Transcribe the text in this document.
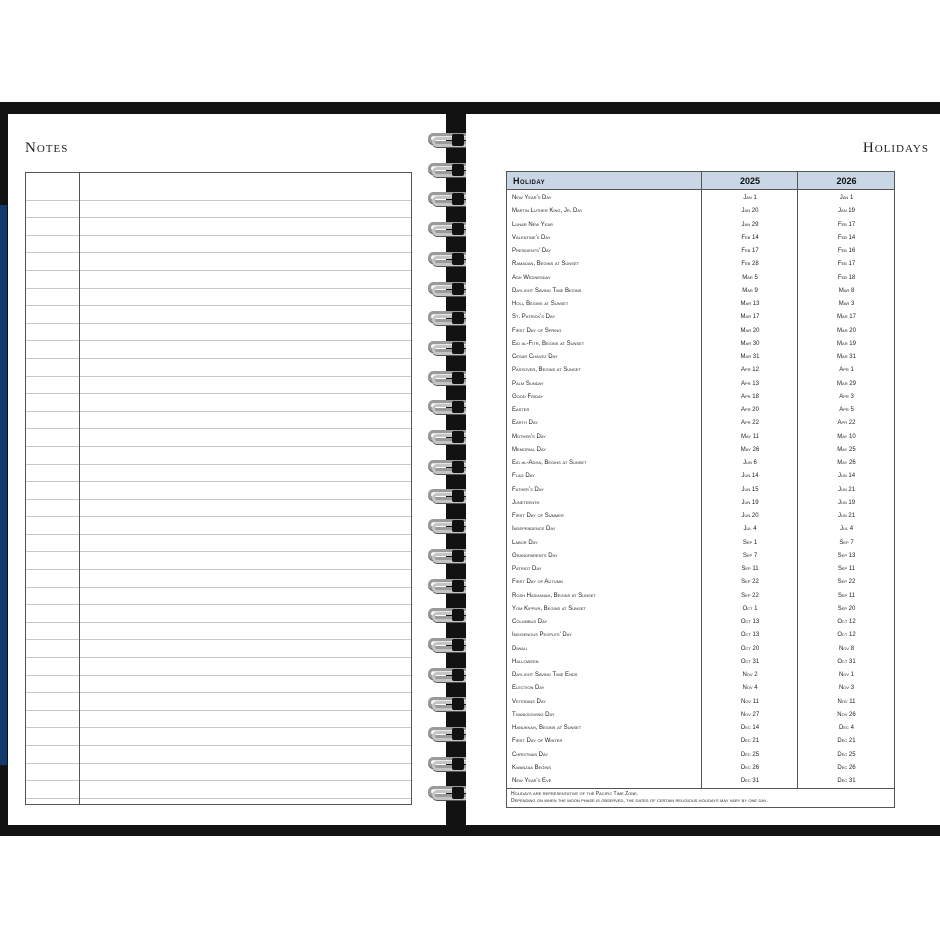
Notes	Holidays
Holiday	2025	2026
New Year's Day	Jan 1	Jan 1
Martin Luther King, Jr. Day	Jan 20	Jan 19
Lunar New Year	Jan 29	Feb 17
Valentine's Day	Feb 14	Feb 14
Presidents' Day	Feb 17	Feb 16
Ramadan, Begins at Sunset	Feb 28	Feb 17
Ash Wednesday	Mar 5	Feb 18
Daylight Saving Time Begins	Mar 9	Mar 8
Holi, Begins at Sunset	Mar 13	Mar 3
St. Patrick's Day	Mar 17	Mar 17
First Day of Spring	Mar 20	Mar 20
Eid al-Fitr, Begins at Sunset	Mar 30	Mar 19
César Chávez Day	Mar 31	Mar 31
Passover, Begins at Sunset	Apr 12	Apr 1
Palm Sunday	Apr 13	Mar 29
Good Friday	Apr 18	Apr 3
Easter	Apr 20	Apr 5
Earth Day	Apr 22	Apr 22
Mother's Day	May 11	May 10
Memorial Day	May 26	May 25
Eid al-Adha, Begins at Sunset	Jun 6	May 26
Flag Day	Jun 14	Jun 14
Father's Day	Jun 15	Jun 21
Juneteenth	Jun 19	Jun 19
First Day of Summer	Jun 20	Jun 21
Independence Day	Jul 4	Jul 4
Labor Day	Sep 1	Sep 7
Grandparents Day	Sep 7	Sep 13
Patriot Day	Sep 11	Sep 11
First Day of Autumn	Sep 22	Sep 22
Rosh Hashanah, Begins at Sunset	Sep 22	Sep 11
Yom Kippur, Begins at Sunset	Oct 1	Sep 20
Columbus Day	Oct 13	Oct 12
Indigenous Peoples' Day	Oct 13	Oct 12
Diwali	Oct 20	Nov 8
Halloween	Oct 31	Oct 31
Daylight Saving Time Ends	Nov 2	Nov 1
Election Day	Nov 4	Nov 3
Veterans Day	Nov 11	Nov 11
Thanksgiving Day	Nov 27	Nov 26
Hanukkah, Begins at Sunset	Dec 14	Dec 4
First Day of Winter	Dec 21	Dec 21
Christmas Day	Dec 25	Dec 25
Kwanzaa Begins	Dec 26	Dec 26
New Year's Eve	Dec 31	Dec 31
Holidays are representative of the Pacific Time Zone.
Depending on when the moon phase is observed, the dates of certain religious holidays may vary by one day.
